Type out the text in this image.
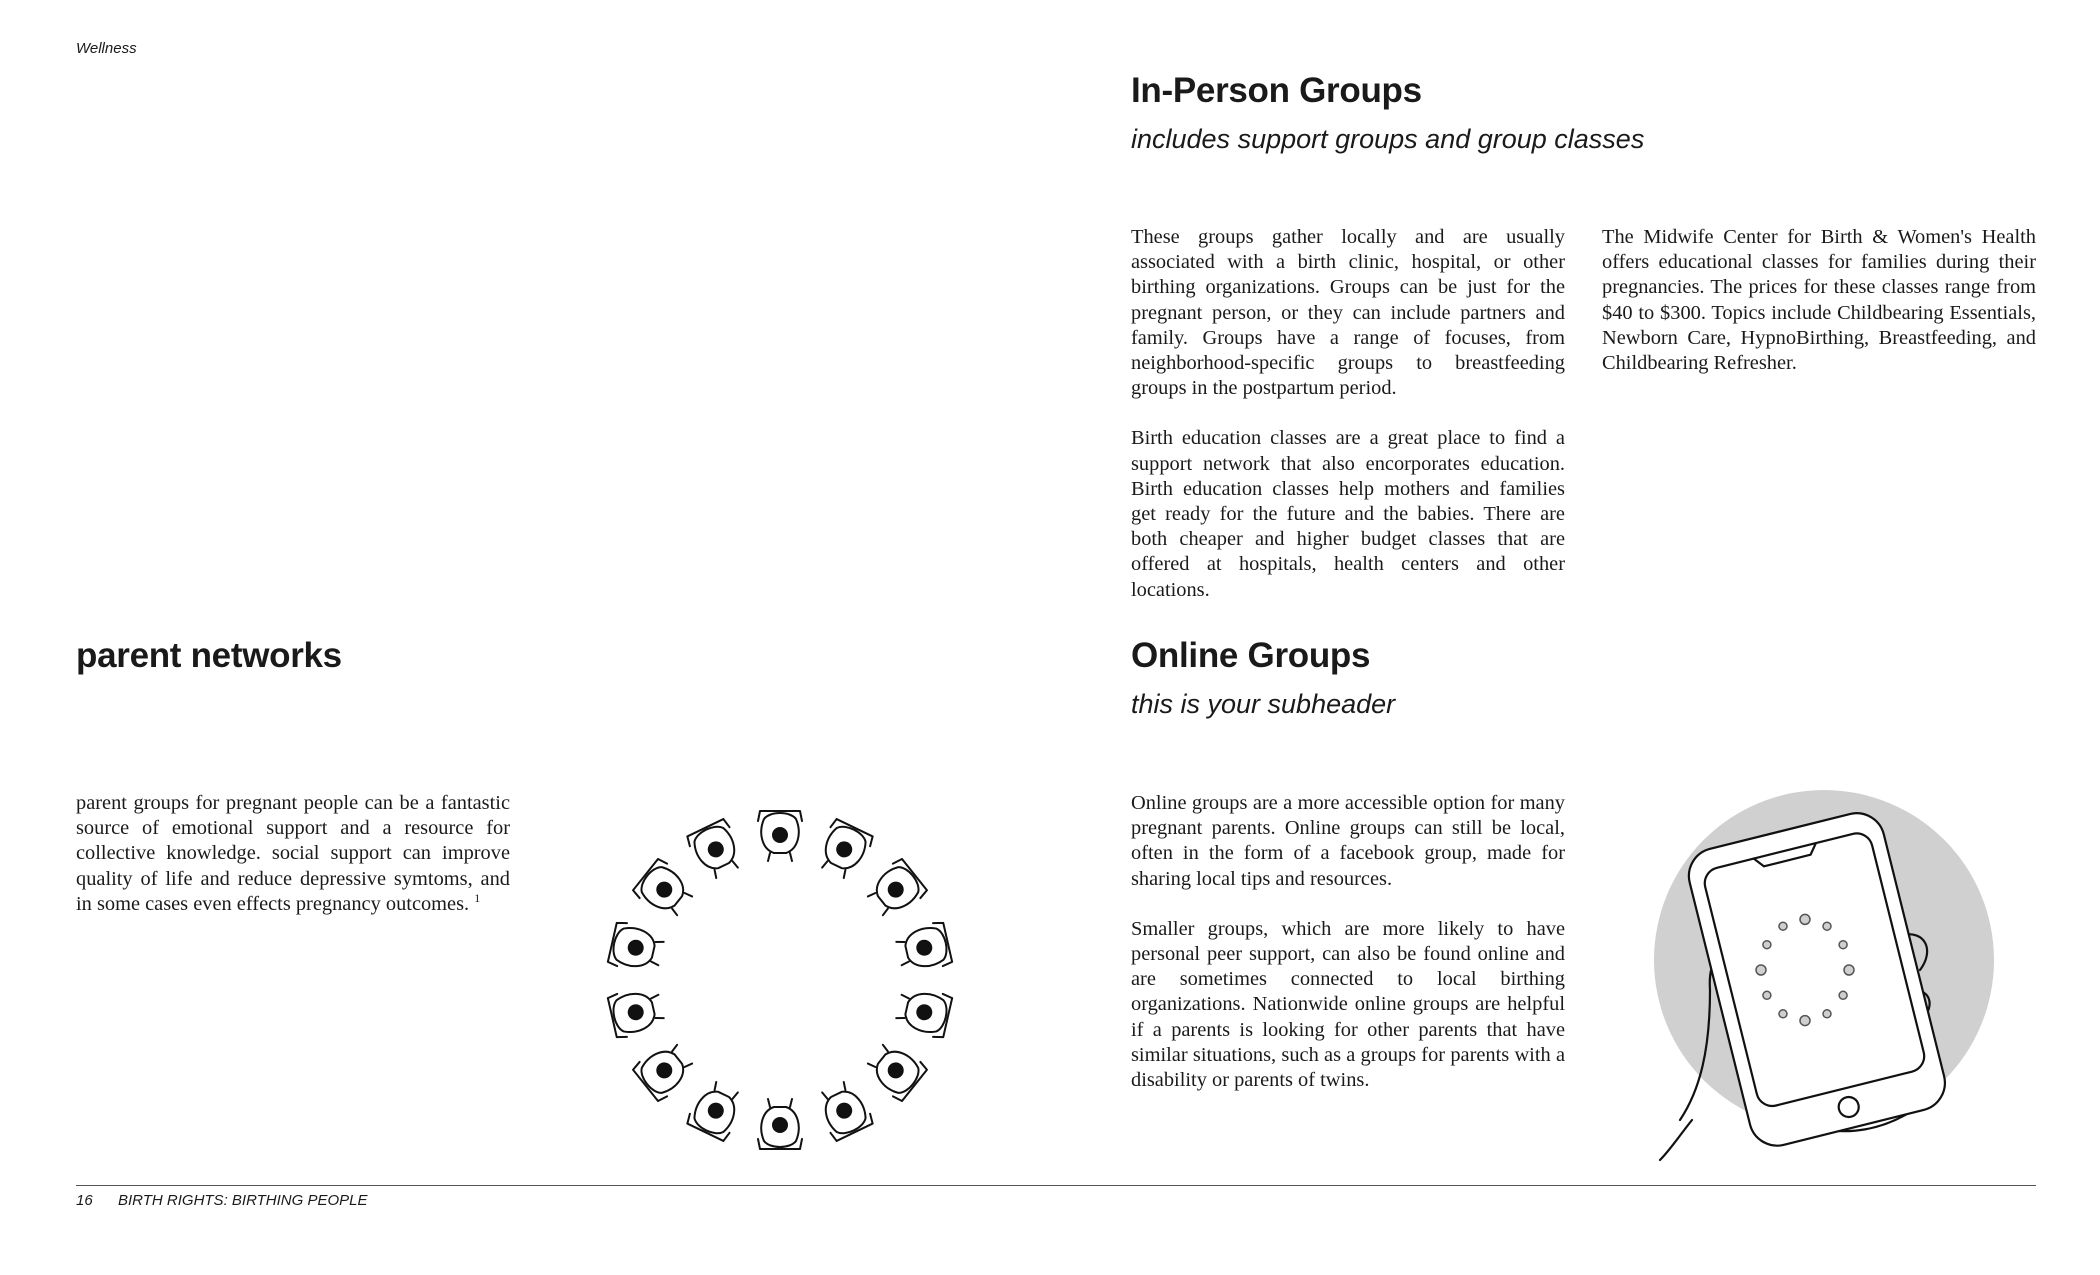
Wellness
parent networks

parent groups for pregnant people can be a fantastic source of emotional support and a resource for collective knowledge. social support can improve quality of life and reduce depressive symtoms, and in some cases even effects pregnancy outcomes. $^1$

In-Person Groups
includes support groups and group classes

These groups gather locally and are usually associated with a birth clinic, hospital, or other birthing organizations. Groups can be just for the pregnant person, or they can include partners and family. Groups have a range of focuses, from neighborhood-specific groups to breastfeeding groups in the postpartum period.

Birth education classes are a great place to find a support network that also encorporates education. Birth education classes help mothers and families get ready for the future and the babies. There are both cheaper and higher budget classes that are offered at hospitals, health centers and other locations.

The Midwife Center for Birth & Women's Health offers educational classes for families during their pregnancies. The prices for these classes range from $40 to $300. Topics include Childbearing Essentials, Newborn Care, HypnoBirthing, Breastfeeding, and Childbearing Refresher.

Online Groups
this is your subheader

Online groups are a more accessible option for many pregnant parents. Online groups can still be local, often in the form of a facebook group, made for sharing local tips and resources.

Smaller groups, which are more likely to have personal peer support, can also be found online and are sometimes connected to local birthing organizations. Nationwide online groups are helpful if a parents is looking for other parents that have similar situations, such as a groups for parents with a disability or parents of twins.

16 BIRTH RIGHTS: BIRTHING PEOPLE
